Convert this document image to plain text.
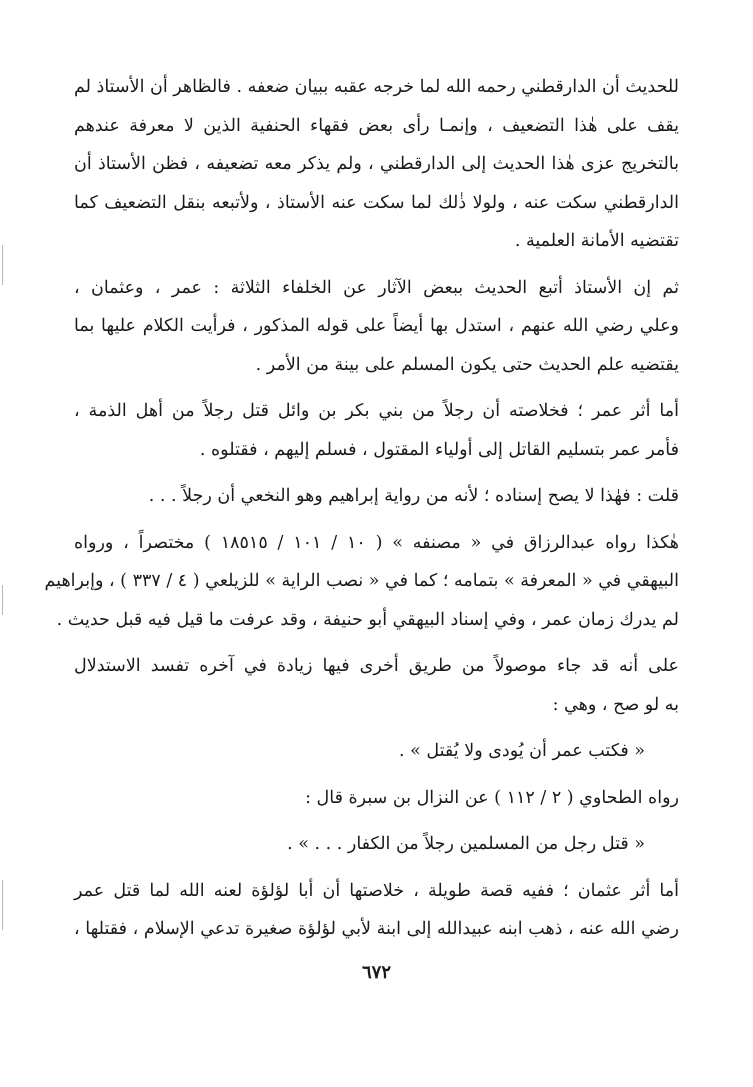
للحديث أن الدارقطني رحمه الله لما خرجه عقبه ببيان ضعفه . فالظاهر أن الأستاذ لم
يقف على هٰذا التضعيف ، وإنمـا رأى بعض فقهاء الحنفية الذين لا معرفة عندهم
بالتخريج عزى هٰذا الحديث إلى الدارقطني ، ولم يذكر معه تضعيفه ، فظن الأستاذ أن
الدارقطني سكت عنه ، ولولا ذٰلك لما سكت عنه الأستاذ ، ولأتبعه بنقل التضعيف كما
تقتضيه الأمانة العلمية .
ثم إن الأستاذ أتبع الحديث ببعض الآثار عن الخلفاء الثلاثة : عمر ، وعثمان ،
وعلي رضي الله عنهم ، استدل بها أيضاً على قوله المذكور ، فرأيت الكلام عليها بما
يقتضيه علم الحديث حتى يكون المسلم على بينة من الأمر .
أما أثر عمر ؛ فخلاصته أن رجلاً من بني بكر بن وائل قتل رجلاً من أهل الذمة ،
فأمر عمر بتسليم القاتل إلى أولياء المقتول ، فسلم إليهم ، فقتلوه .
قلت : فهٰذا لا يصح إسناده ؛ لأنه من رواية إبراهيم وهو النخعي أن رجلاً . . .
هٰكذا رواه عبدالرزاق في « مصنفه » ( ١٠ / ١٠١ / ١٨٥١٥ ) مختصراً ، ورواه
البيهقي في « المعرفة » بتمامه ؛ كما في « نصب الراية » للزيلعي ( ٤ / ٣٣٧ ) ، وإبراهيم
لم يدرك زمان عمر ، وفي إسناد البيهقي أبو حنيفة ، وقد عرفت ما قيل فيه قبل حديث .
على أنه قد جاء موصولاً من طريق أخرى فيها زيادة في آخره تفسد الاستدلال
به لو صح ، وهي :
« فكتب عمر أن يُودى ولا يُقتل » .
رواه الطحاوي ( ٢ / ١١٢ ) عن النزال بن سبرة قال :
« قتل رجل من المسلمين رجلاً من الكفار . . . » .
أما أثر عثمان ؛ ففيه قصة طويلة ، خلاصتها أن أبا لؤلؤة لعنه الله لما قتل عمر
رضي الله عنه ، ذهب ابنه عبيدالله إلى ابنة لأبي لؤلؤة صغيرة تدعي الإسلام ، فقتلها ،
٦٧٢
